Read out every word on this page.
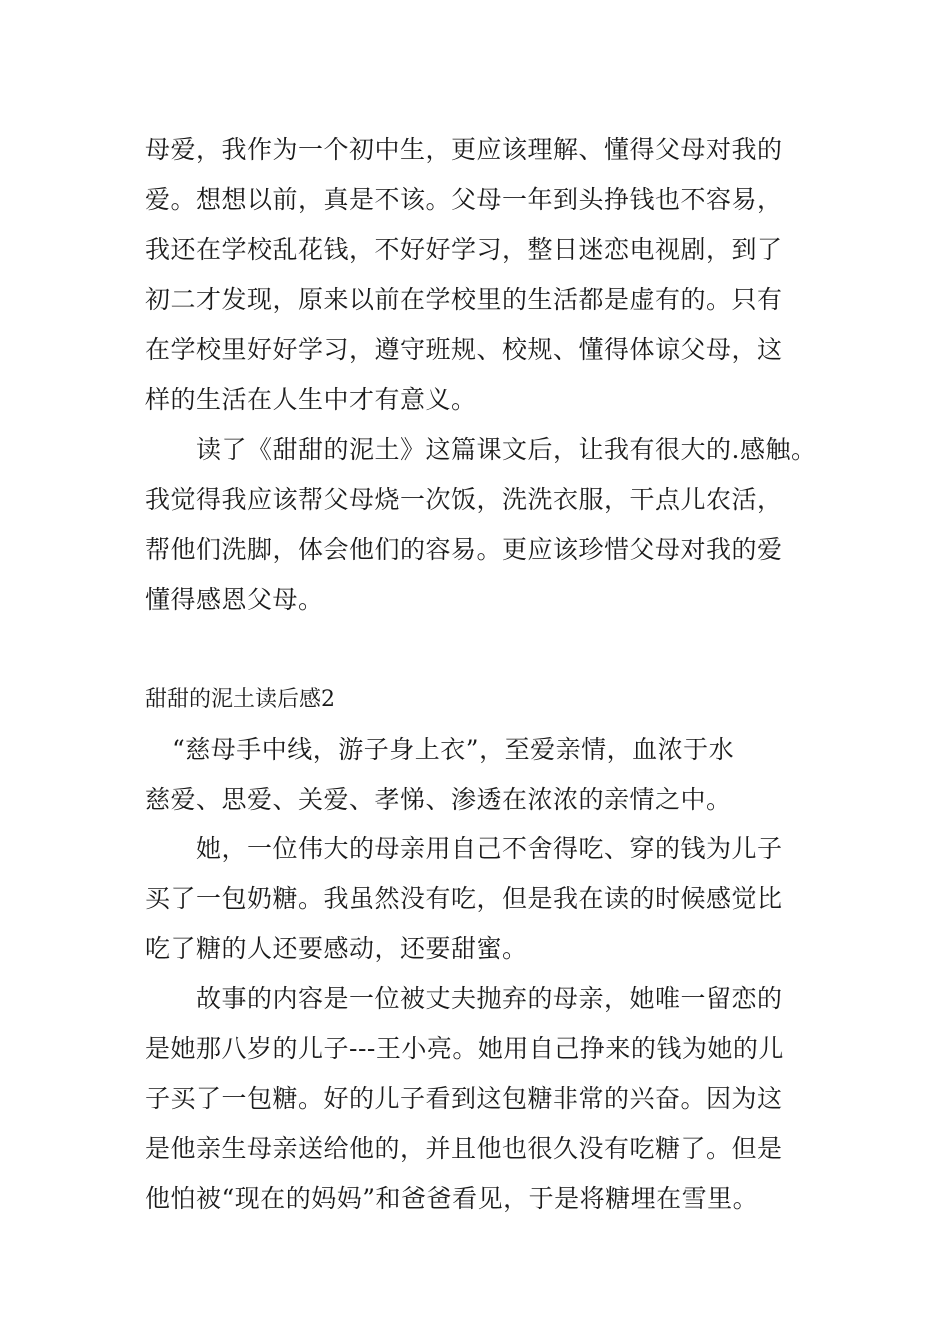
母爱，我作为一个初中生，更应该理解、懂得父母对我的
爱。想想以前，真是不该。父母一年到头挣钱也不容易，
我还在学校乱花钱，不好好学习，整日迷恋电视剧，到了
初二才发现，原来以前在学校里的生活都是虚有的。只有
在学校里好好学习，遵守班规、校规、懂得体谅父母，这
样的生活在人生中才有意义。
读了《甜甜的泥土》这篇课文后，让我有很大的.感触。
我觉得我应该帮父母烧一次饭，洗洗衣服，干点儿农活，
帮他们洗脚，体会他们的容易。更应该珍惜父母对我的爱
懂得感恩父母。
甜甜的泥土读后感2
“慈母手中线，游子身上衣”，至爱亲情，血浓于水
慈爱、思爱、关爱、孝悌、渗透在浓浓的亲情之中。
她，一位伟大的母亲用自己不舍得吃、穿的钱为儿子
买了一包奶糖。我虽然没有吃，但是我在读的时候感觉比
吃了糖的人还要感动，还要甜蜜。
故事的内容是一位被丈夫抛弃的母亲，她唯一留恋的
是她那八岁的儿子---王小亮。她用自己挣来的钱为她的儿
子买了一包糖。好的儿子看到这包糖非常的兴奋。因为这
是他亲生母亲送给他的，并且他也很久没有吃糖了。但是
他怕被“现在的妈妈”和爸爸看见，于是将糖埋在雪里。
